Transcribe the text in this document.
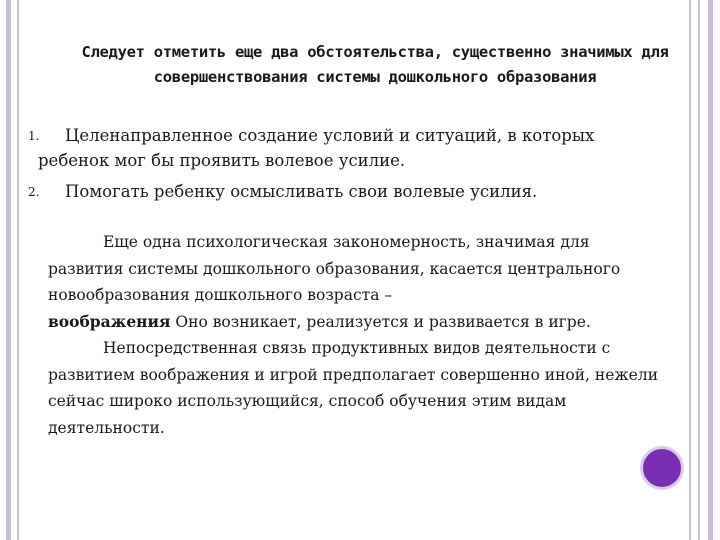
Следует отметить еще два обстоятельства, существенно значимых для совершенствования системы дошкольного образования
1. Целенаправленное создание условий и ситуаций, в которых
ребенок мог бы проявить волевое усилие.
2. Помогать ребенку осмысливать свои волевые усилия.

Еще одна психологическая закономерность, значимая для развития системы дошкольного образования, касается центрального новообразования дошкольного возраста –
воображения Оно возникает, реализуется и развивается в игре.

Непосредственная связь продуктивных видов деятельности с развитием воображения и игрой предполагает совершенно иной, нежели сейчас широко использующийся, способ обучения этим видам деятельности.
